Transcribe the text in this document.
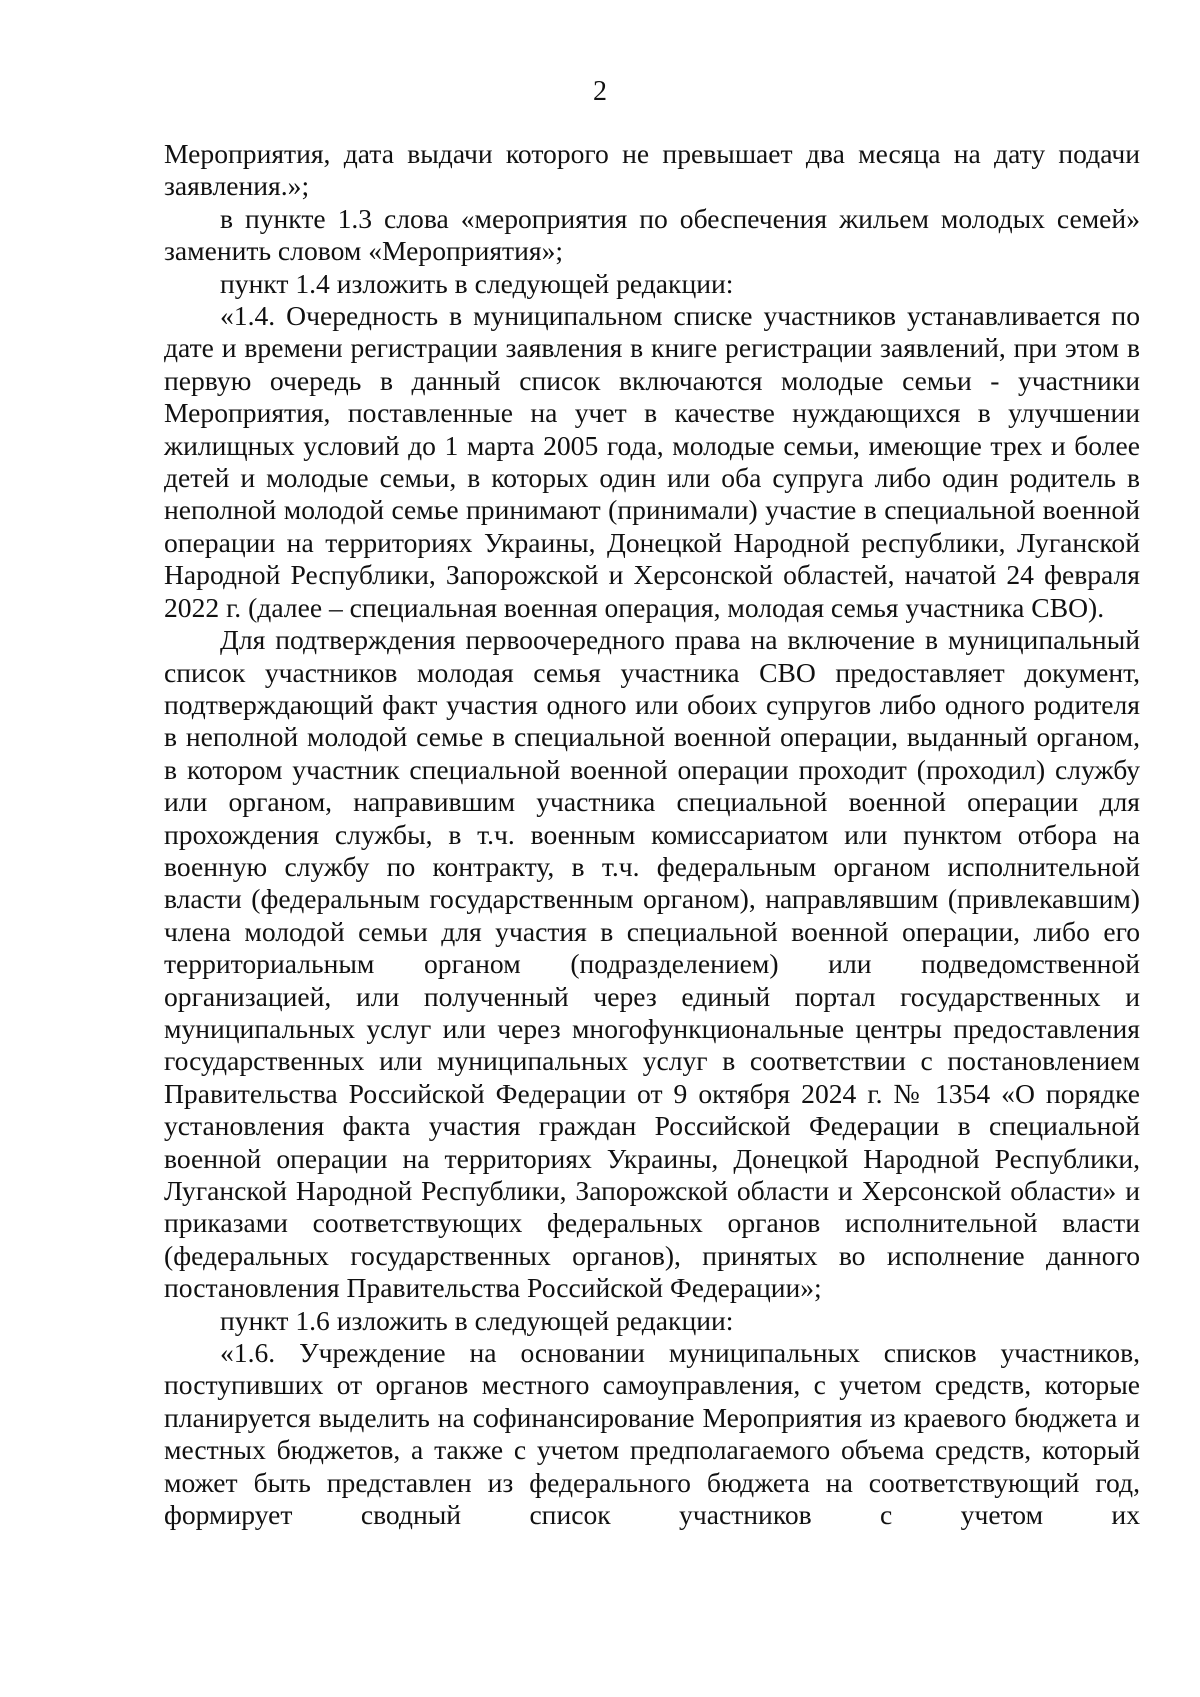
2

Мероприятия, дата выдачи которого не превышает два месяца на дату подачи заявления.»;

в пункте 1.3 слова «мероприятия по обеспечения жильем молодых семей» заменить словом «Мероприятия»;

пункт 1.4 изложить в следующей редакции:

«1.4. Очередность в муниципальном списке участников устанавливается по дате и времени регистрации заявления в книге регистрации заявлений, при этом в первую очередь в данный список включаются молодые семьи - участники Мероприятия, поставленные на учет в качестве нуждающихся в улучшении жилищных условий до 1 марта 2005 года, молодые семьи, имеющие трех и более детей и молодые семьи, в которых один или оба супруга либо один родитель в неполной молодой семье принимают (принимали) участие в специальной военной операции на территориях Украины, Донецкой Народной республики, Луганской Народной Республики, Запорожской и Херсонской областей, начатой 24 февраля 2022 г. (далее – специальная военная операция, молодая семья участника СВО).

Для подтверждения первоочередного права на включение в муниципальный список участников молодая семья участника СВО предоставляет документ, подтверждающий факт участия одного или обоих супругов либо одного родителя в неполной молодой семье в специальной военной операции, выданный органом, в котором участник специальной военной операции проходит (проходил) службу или органом, направившим участника специальной военной операции для прохождения службы, в т.ч. военным комиссариатом или пунктом отбора на военную службу по контракту, в т.ч. федеральным органом исполнительной власти (федеральным государственным органом), направлявшим (привлекавшим) члена молодой семьи для участия в специальной военной операции, либо его территориальным органом (подразделением) или подведомственной организацией, или полученный через единый портал государственных и муниципальных услуг или через многофункциональные центры предоставления государственных или муниципальных услуг в соответствии с постановлением Правительства Российской Федерации от 9 октября 2024 г. № 1354 «О порядке установления факта участия граждан Российской Федерации в специальной военной операции на территориях Украины, Донецкой Народной Республики, Луганской Народной Республики, Запорожской области и Херсонской области» и приказами соответствующих федеральных органов исполнительной власти (федеральных государственных органов), принятых во исполнение данного постановления Правительства Российской Федерации»;

пункт 1.6 изложить в следующей редакции:

«1.6. Учреждение на основании муниципальных списков участников, поступивших от органов местного самоуправления, с учетом средств, которые планируется выделить на софинансирование Мероприятия из краевого бюджета и местных бюджетов, а также с учетом предполагаемого объема средств, который может быть представлен из федерального бюджета на соответствующий год, формирует сводный список участников с учетом их
